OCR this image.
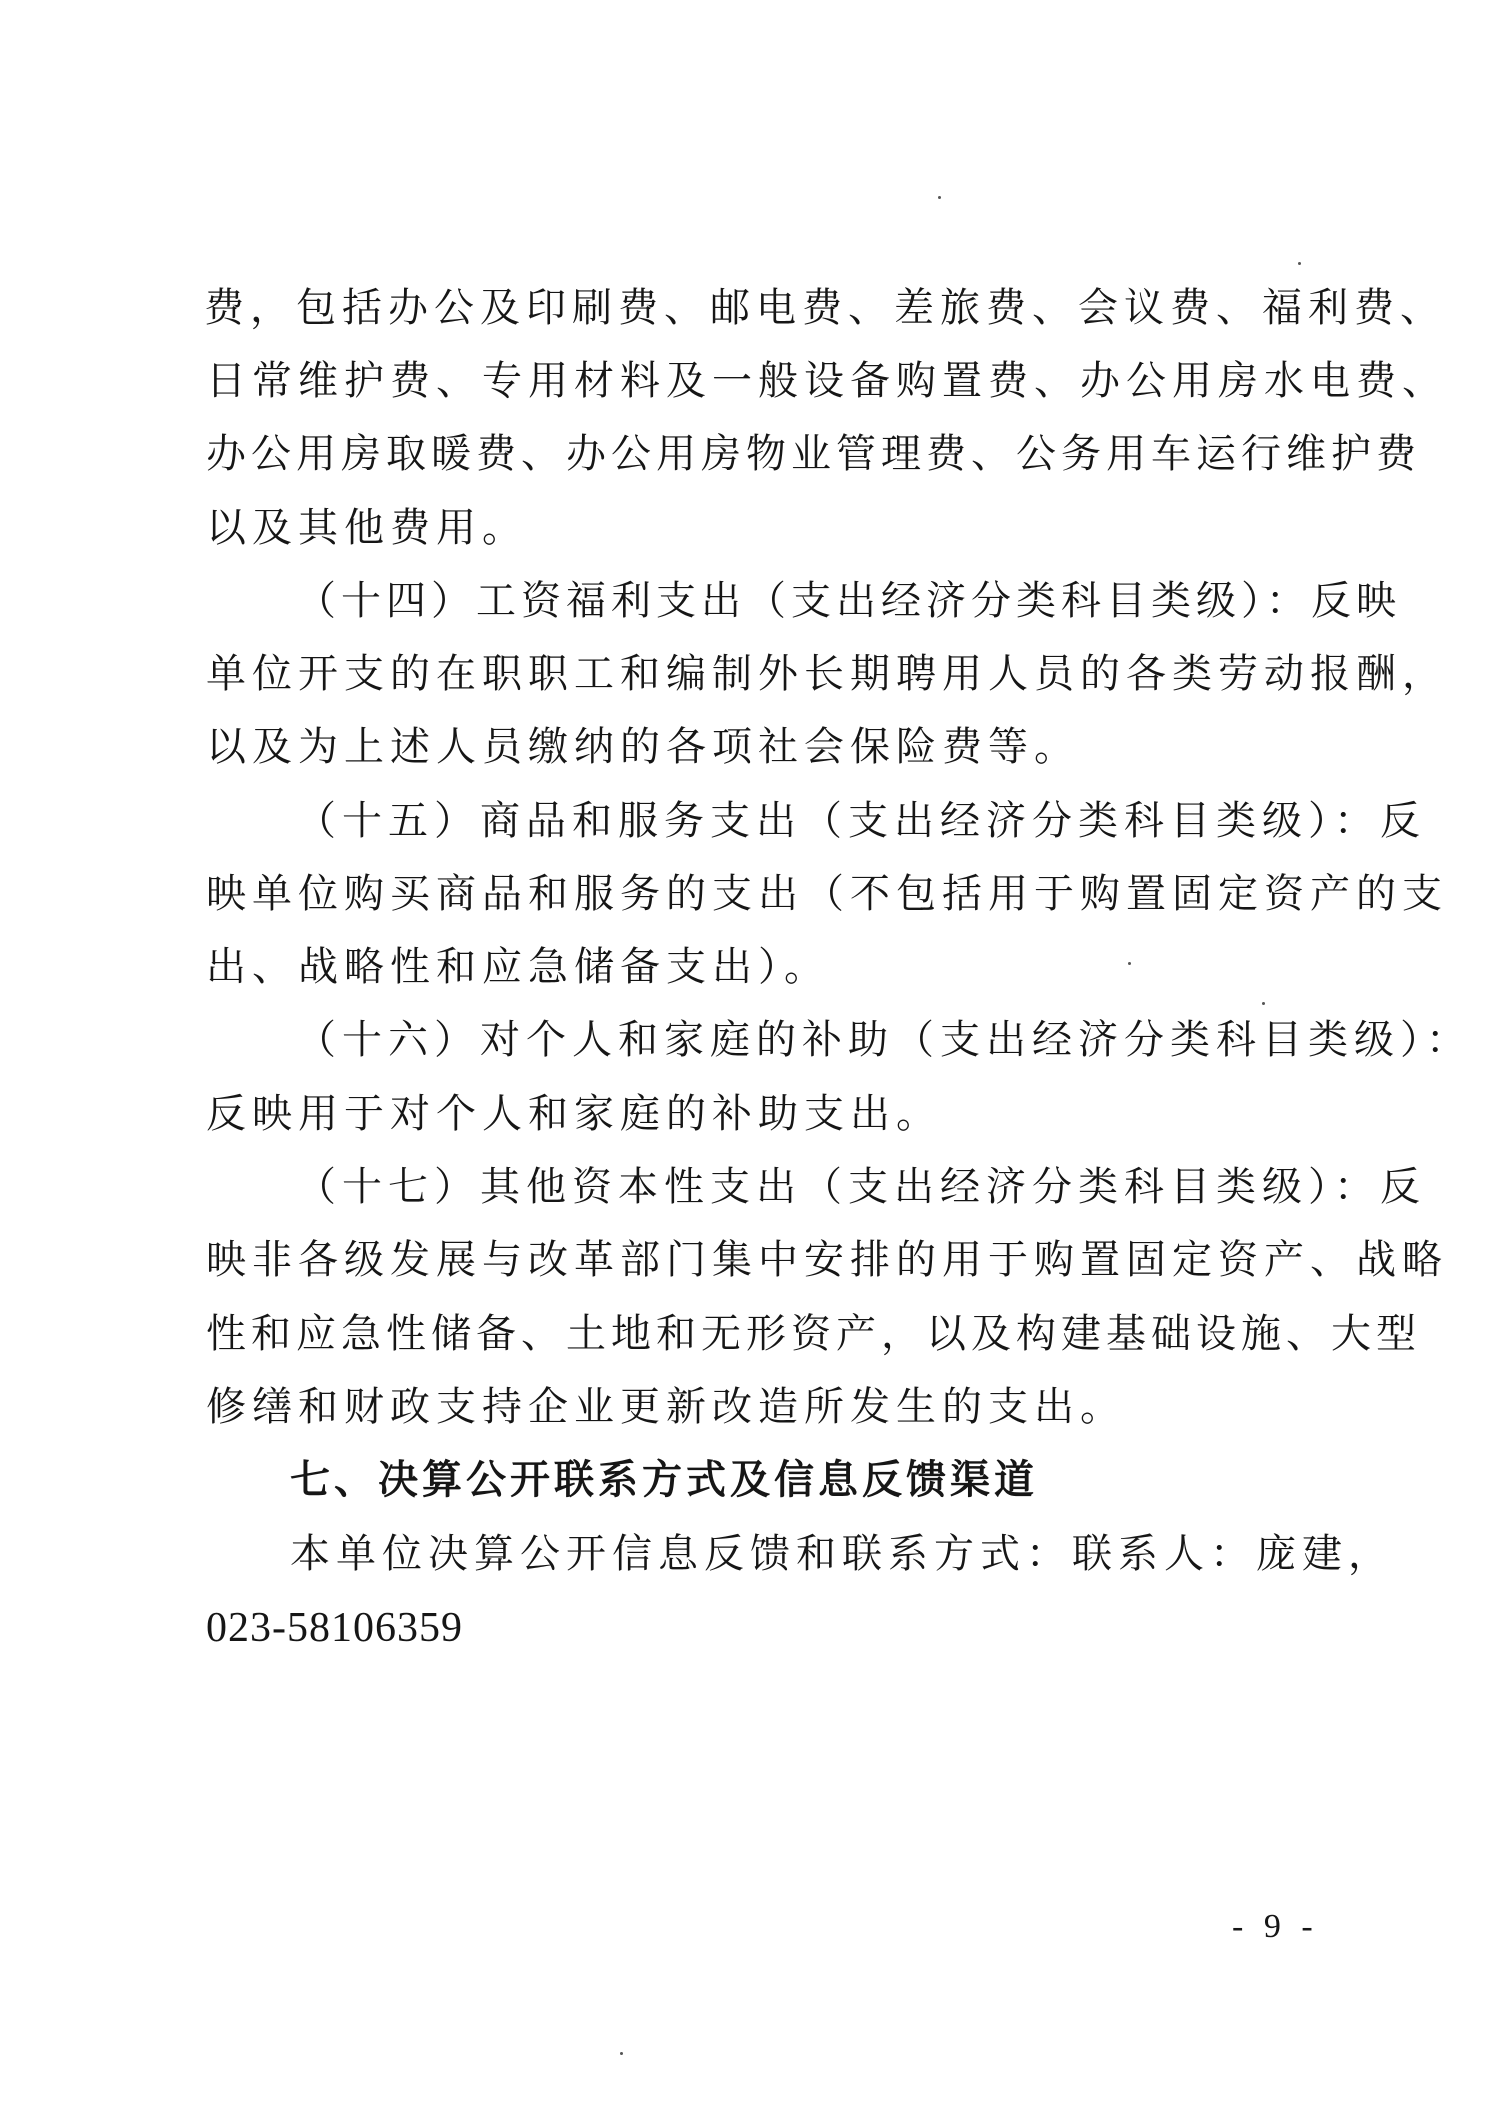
费，包括办公及印刷费、邮电费、差旅费、会议费、福利费、
日常维护费、专用材料及一般设备购置费、办公用房水电费、
办公用房取暖费、办公用房物业管理费、公务用车运行维护费
以及其他费用。
（十四）工资福利支出（支出经济分类科目类级）：反映
单位开支的在职职工和编制外长期聘用人员的各类劳动报酬，
以及为上述人员缴纳的各项社会保险费等。
（十五）商品和服务支出（支出经济分类科目类级）：反
映单位购买商品和服务的支出（不包括用于购置固定资产的支
出、战略性和应急储备支出）。
（十六）对个人和家庭的补助（支出经济分类科目类级）：
反映用于对个人和家庭的补助支出。
（十七）其他资本性支出（支出经济分类科目类级）：反
映非各级发展与改革部门集中安排的用于购置固定资产、战略
性和应急性储备、土地和无形资产，以及构建基础设施、大型
修缮和财政支持企业更新改造所发生的支出。
七、决算公开联系方式及信息反馈渠道
本单位决算公开信息反馈和联系方式：联系人：庞建，
023-58106359
- 9 -
